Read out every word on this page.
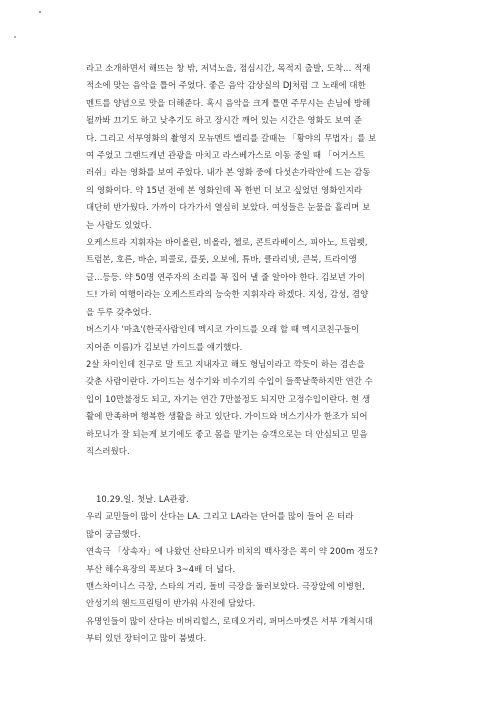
라고 소개하면서 해뜨는 창 밖, 저녁노을, 점심시간, 목적지 출발, 도착... 적재
적소에 맞는 음악을 틀어 주었다. 좋은 음악 감상실의 DJ처럼 그 노래에 대한
멘트를 양념으로 맛을 더해준다. 혹시 음악을 크게 틀면 주무시는 손님에 방해
될까봐 끄기도 하고 낮추기도 하고 장시간 깨어 있는 시간은 영화도 보여 준
다. 그리고 서부영화의 촬영지 모뉴멘트 밸리를 갈때는 「황야의 무법자」를 보
여 주었고 그랜드캐년 관광을 마치고 라스베가스로 이동 중일 때 「어거스트
러쉬」라는 영화를 보여 주었다. 내가 본 영화 중에 다섯손가락안에 드는 감동
의 영화이다. 약 15년 전에 본 영화인데 꼭 한번 더 보고 싶었던 영화인지라
대단히 반가웠다. 가까이 다가가서 열심히 보았다. 여성들은 눈물을 흘리며 보
는 사람도 있었다.
오케스트라 지휘자는 바이올린, 비올라, 첼로, 콘트라베이스, 피아노, 트럼펫,
트럼본, 호른, 바순, 피콜로, 플룻, 오보에, 튜바, 클라리넷, 큰북, 트라이앵
글...등등. 약 50명 연주자의 소리를 꼭 집어 낼 줄 알아야 한다. 김보년 가이
드! 가히 여행이라는 오케스트라의 능숙한 지휘자라 하겠다. 지성, 감성, 겸양
을 두루 갖추었다.
버스기사 '마쵸'(한국사람인데 멕시코 가이드를 오래 할 때 멕시코친구들이
지어준 이름)가 김보년 가이드를 얘기했다.
2살 차이인데 친구로 말 트고 지내자고 해도 형님이라고 깍듯이 하는 겸손을
갖춘 사람이란다. 가이드는 성수기와 비수기의 수입이 들쭉날쭉하지만 연간 수
입이 10만불정도 되고, 자기는 연간 7만불정도 되지만 고정수입이란다. 현 생
활에 만족하며 행복한 생활을 하고 있단다. 가이드와 버스기사가 한조가 되어
하모니가 잘 되는게 보기에도 좋고 몸을 맡기는 승객으로는 더 안심되고 믿음
직스러웠다.
10.29.일. 첫날. LA관광.
우리 교민들이 많이 산다는 LA. 그리고 LA라는 단어를 많이 들어 온 터라
많이 궁금했다.
연속극 「상속자」에 나왔던 산타모니카 비치의 백사장은 폭이 약 200m 정도?
부산 해수욕장의 폭보다 3~4배 더 넓다.
맨스차이니스 극장, 스타의 거리, 돌비 극장을 둘러보았다. 극장앞에 이병헌,
안성기의 핸드프린팅이 반가워 사진에 담았다.
유명인들이 많이 산다는 비버리힐스, 로데오거리, 퍼머스마켓은 서부 개척시대
부터 있던 장터이고 많이 붐볐다.
